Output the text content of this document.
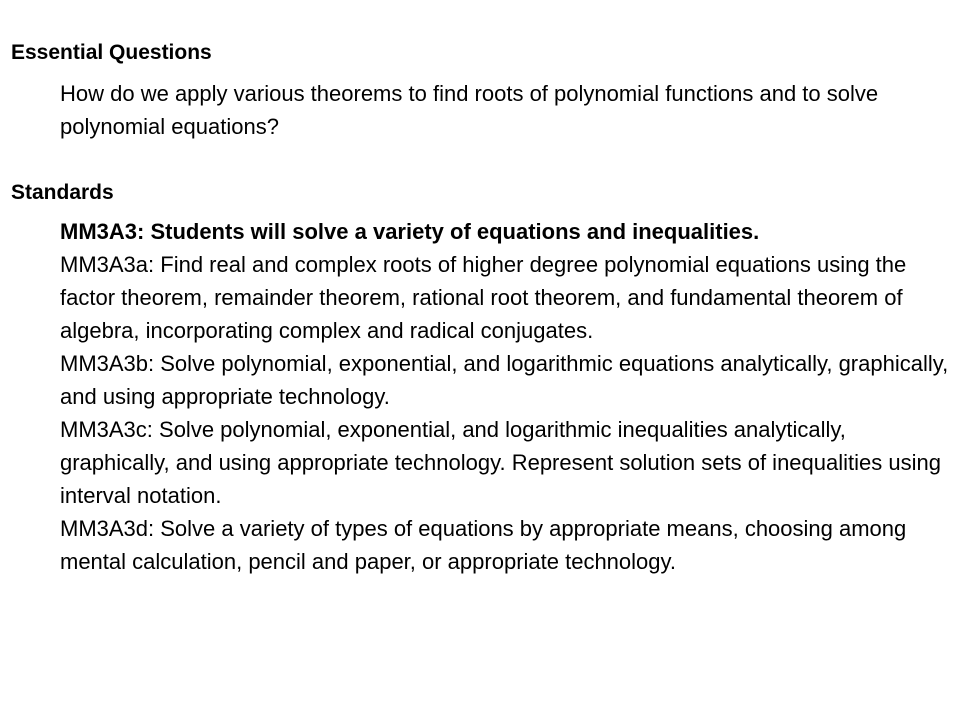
Essential Questions

How do we apply various theorems to find roots of polynomial functions and to solve polynomial equations?

Standards

MM3A3: Students will solve a variety of equations and inequalities.

MM3A3a: Find real and complex roots of higher degree polynomial equations using the factor theorem, remainder theorem, rational root theorem, and fundamental theorem of algebra, incorporating complex and radical conjugates.

MM3A3b: Solve polynomial, exponential, and logarithmic equations analytically, graphically, and using appropriate technology.

MM3A3c: Solve polynomial, exponential, and logarithmic inequalities analytically, graphically, and using appropriate technology. Represent solution sets of inequalities using interval notation.

MM3A3d: Solve a variety of types of equations by appropriate means, choosing among mental calculation, pencil and paper, or appropriate technology.
